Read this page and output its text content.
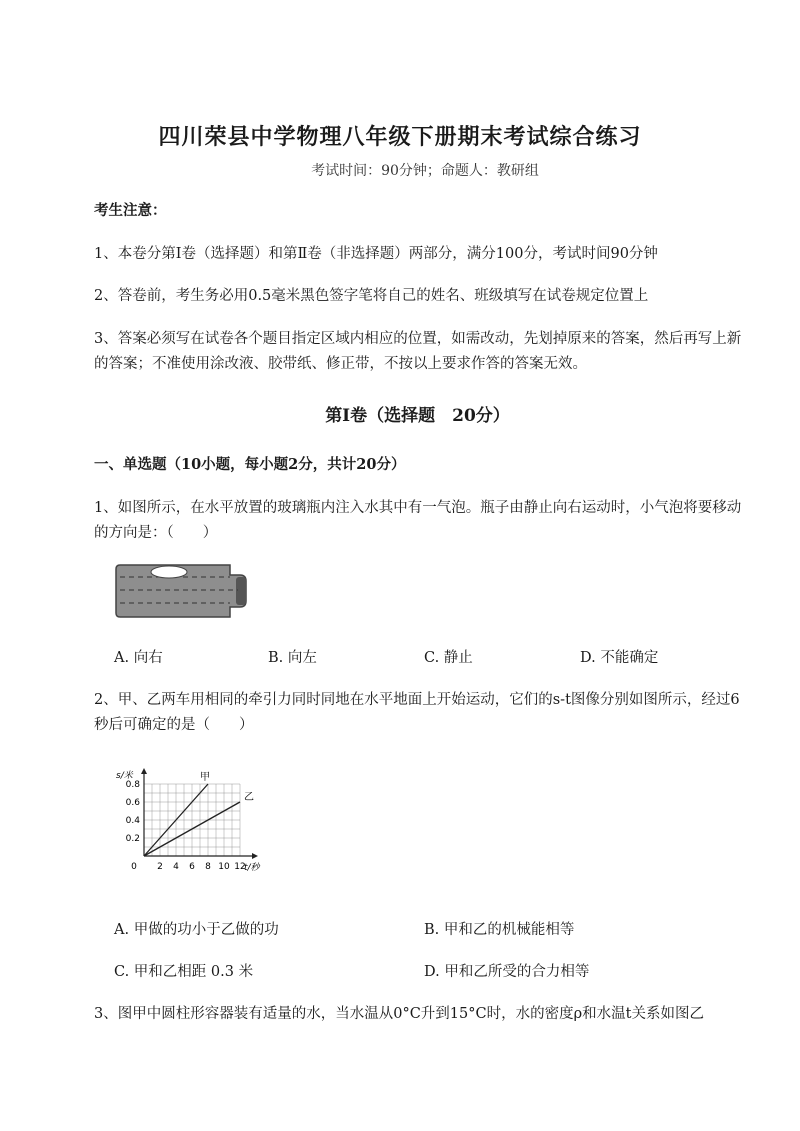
四川荣县中学物理八年级下册期末考试综合练习
考试时间：90分钟；命题人：教研组
考生注意：
1、本卷分第I卷（选择题）和第Ⅱ卷（非选择题）两部分，满分100分，考试时间90分钟
2、答卷前，考生务必用0.5毫米黑色签字笔将自己的姓名、班级填写在试卷规定位置上
3、答案必须写在试卷各个题目指定区域内相应的位置，如需改动，先划掉原来的答案，然后再写上新的答案；不准使用涂改液、胶带纸、修正带，不按以上要求作答的答案无效。
第I卷（选择题　20分）
一、单选题（10小题，每小题2分，共计20分）
1、如图所示，在水平放置的玻璃瓶内注入水其中有一气泡。瓶子由静止向右运动时，小气泡将要移动的方向是：（　　）
A. 向右	B. 向左	C. 静止	D. 不能确定
2、甲、乙两车用相同的牵引力同时同地在水平地面上开始运动，它们的s-t图像分别如图所示，经过6 秒后可确定的是（　　）
0 2 4 6 8 10 12
0.2
0.4
0.6
0.8
甲
乙
s/米
t/秒
A. 甲做的功小于乙做的功	B. 甲和乙的机械能相等
C. 甲和乙相距 0.3 米	D. 甲和乙所受的合力相等
3、图甲中圆柱形容器装有适量的水，当水温从0°C升到15°C时，水的密度ρ和水温t关系如图乙
